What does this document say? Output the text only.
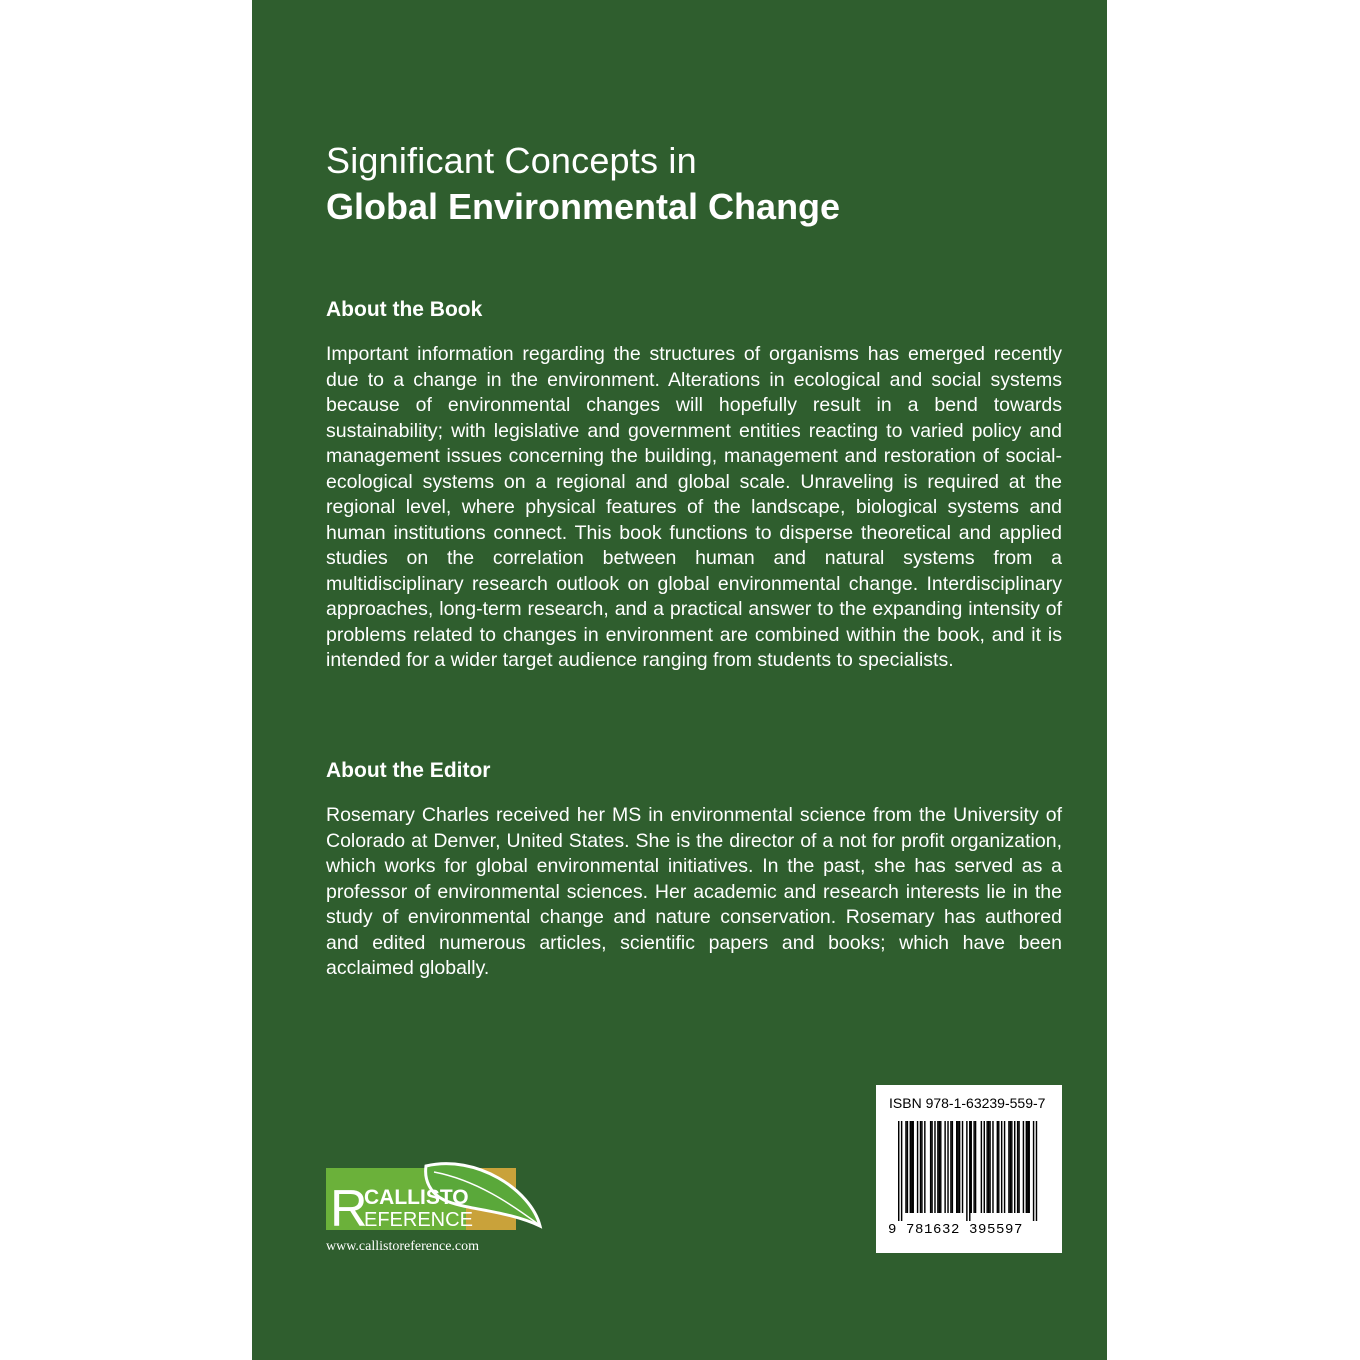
Significant Concepts in
Global Environmental Change
About the Book

Important information regarding the structures of organisms has emerged recently due to a change in the environment. Alterations in ecological and social systems because of environmental changes will hopefully result in a bend towards sustainability; with legislative and government entities reacting to varied policy and management issues concerning the building, management and restoration of social-ecological systems on a regional and global scale. Unraveling is required at the regional level, where physical features of the landscape, biological systems and human institutions connect. This book functions to disperse theoretical and applied studies on the correlation between human and natural systems from a multidisciplinary research outlook on global environmental change. Interdisciplinary approaches, long-term research, and a practical answer to the expanding intensity of problems related to changes in environment are combined within the book, and it is intended for a wider target audience ranging from students to specialists.

About the Editor

Rosemary Charles received her MS in environmental science from the University of Colorado at Denver, United States. She is the director of a not for profit organization, which works for global environmental initiatives. In the past, she has served as a professor of environmental sciences. Her academic and research interests lie in the study of environmental change and nature conservation. Rosemary has authored and edited numerous articles, scientific papers and books; which have been acclaimed globally.

ISBN 978-1-63239-559-7
9 781632 395597
R
CALLISTO
EFERENCE
www.callistoreference.com
